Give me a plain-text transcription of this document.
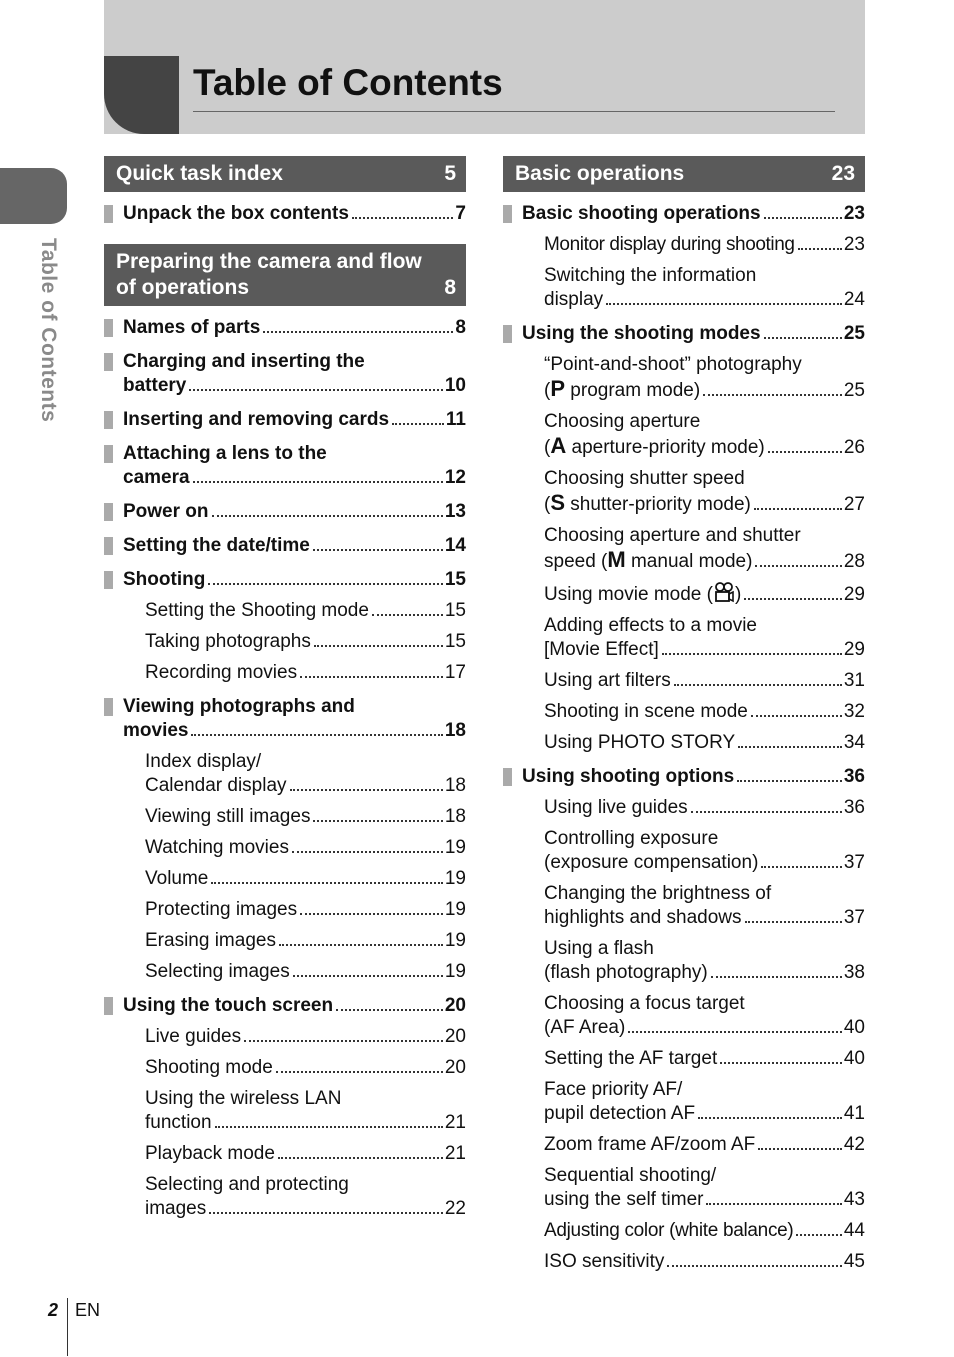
Table of Contents
Table of Contents
Quick task index	5
Unpack the box contents	7
Preparing the camera and flow
of operations	8
Names of parts	8
Charging and inserting the
battery	10
Inserting and removing cards	11
Attaching a lens to the
camera	12
Power on	13
Setting the date/time	14
Shooting	15
Setting the Shooting mode	15
Taking photographs	15
Recording movies	17
Viewing photographs and
movies	18
Index display/
Calendar display	18
Viewing still images	18
Watching movies	19
Volume	19
Protecting images	19
Erasing images	19
Selecting images	19
Using the touch screen	20
Live guides	20
Shooting mode	20
Using the wireless LAN
function	21
Playback mode	21
Selecting and protecting
images	22
Basic operations	23
Basic shooting operations	23
Monitor display during shooting	23
Switching the information
display	24
Using the shooting modes	25
“Point-and-shoot” photography
(P program mode)	25
Choosing aperture
(A aperture-priority mode)	26
Choosing shutter speed
(S shutter-priority mode)	27
Choosing aperture and shutter
speed (M manual mode)	28
Using movie mode ( )	29
Adding effects to a movie
[Movie Effect]	29
Using art filters	31
Shooting in scene mode	32
Using PHOTO STORY	34
Using shooting options	36
Using live guides	36
Controlling exposure
(exposure compensation)	37
Changing the brightness of
highlights and shadows	37
Using a flash
(flash photography)	38
Choosing a focus target
(AF Area)	40
Setting the AF target	40
Face priority AF/
pupil detection AF	41
Zoom frame AF/zoom AF	42
Sequential shooting/
using the self timer	43
Adjusting color (white balance)	44
ISO sensitivity	45
2 EN
